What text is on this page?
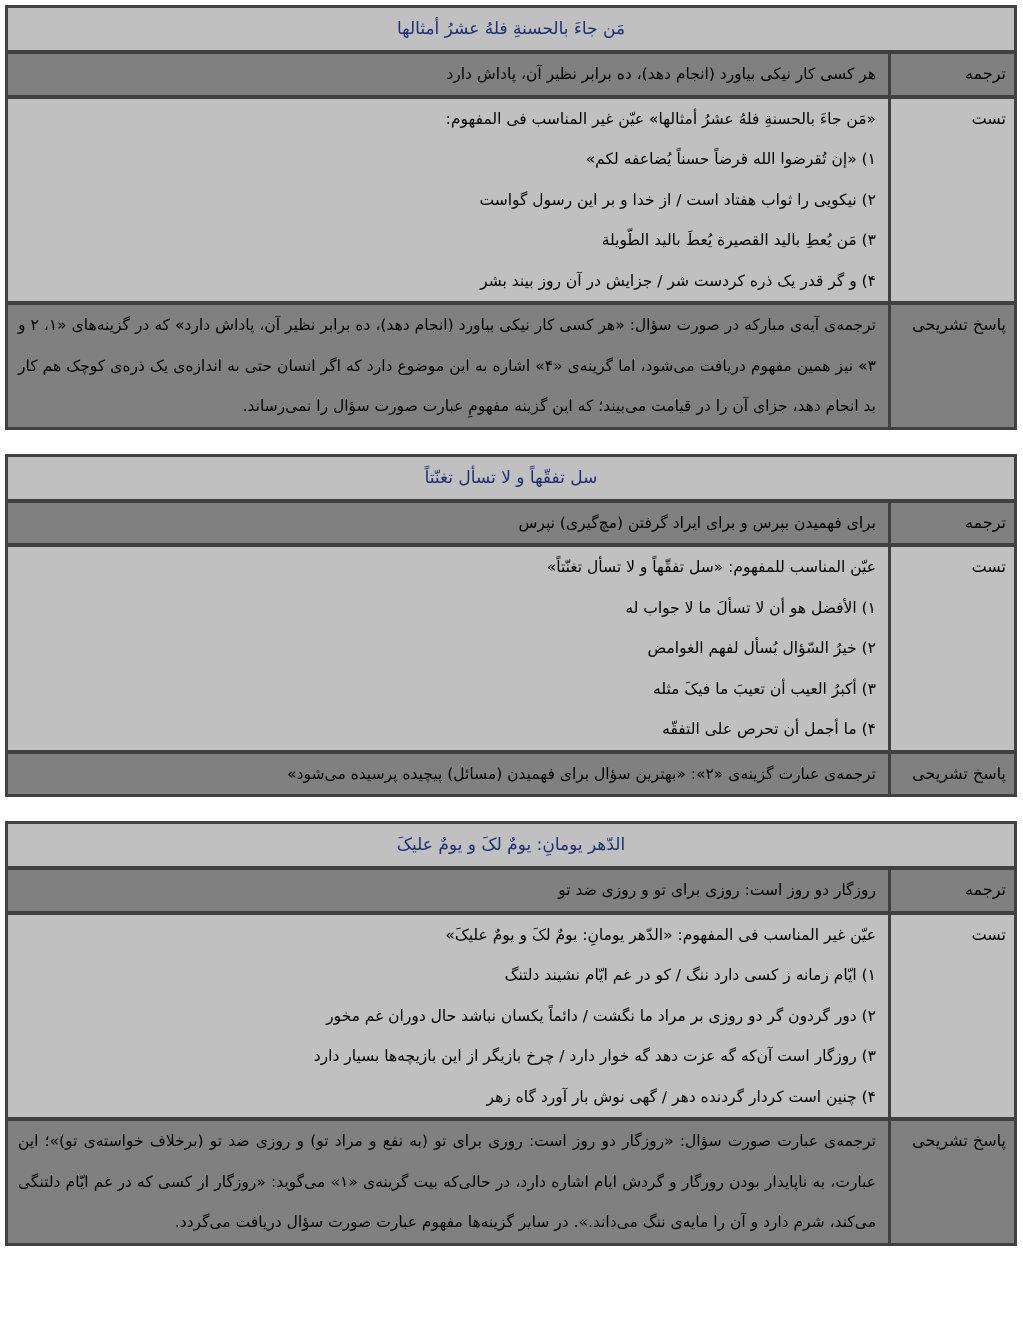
مَن جاءَ بالحسنةِ فلهُ عشرُ أمثالها
ترجمه
هر کسی کار نیکی بیاورد (انجام دهد)، ده برابر نظیر آن، پاداش دارد
تست
«مَن جاءَ بالحسنةِ فلهُ عشرُ أمثالها» عیّن غیر المناسب فی المفهوم:
۱) «إن تُقرضوا الله قرضاً حسناً یُضاعفه لکم»
۲) نیکویی را ثواب هفتاد است / از خدا و بر این رسول گواست
۳) مَن یُعطِ بالید القصیرة یُعطَ بالید الطّویلة
۴) و گر قدر یک ذره کردست شر / جزایش در آن روز بیند بشر
پاسخ تشریحی
ترجمه‌ی آیه‌ی مبارکه در صورت سؤال: «هر کسی کار نیکی بیاورد (انجام دهد)، ده برابر نظیر آن، پاداش دارد» که در گزینه‌های «۱، ۲ و ۳» نیز همین مفهوم دریافت می‌شود، اما گزینه‌ی «۴» اشاره به این موضوع دارد که اگر انسان حتی به اندازه‌ی یک ذره‌ی کوچک هم کار بد انجام دهد، جزای آن را در قیامت می‌بیند؛ که این گزینه مفهومِ عبارت صورت سؤال را نمی‌رساند.
سل تفقّهاً و لا تسأل تغنّتاً
ترجمه
برای فهمیدن بپرس و برای ایراد گرفتن (مچ‌گیری) نپرس
تست
عیّن المناسب للمفهوم: «سل تفقّهاً و لا تسأل تغنّتاً»
۱) الأفضل هو أن لا تسألَ ما لا جواب له
۲) خیرُ السّؤال یُسأل لفهم الغوامض
۳) أکبرُ العیب أن تعیبَ ما فیکَ مثله
۴) ما أجمل أن تحرص علی التفقّه
پاسخ تشریحی
ترجمه‌ی عبارت گزینه‌ی «۲»: «بهترین سؤال برای فهمیدن (مسائل) پیچیده پرسیده می‌شود»
الدّهر یومانِ: یومٌ لکَ و یومٌ علیکَ
ترجمه
روزگار دو روز است: روزی برای تو و روزی ضد تو
تست
عیّن غیر المناسب فی المفهوم: «الدّهر یومانِ: یومٌ لکَ و یومٌ علیکَ»
۱) ایّام زمانه ز کسی دارد ننگ / کو در غم ایّام نشیند دلتنگ
۲) دور گردون گر دو روزی بر مراد ما نگشت / دائماً یکسان نباشد حال دوران غم مخور
۳) روزگار است آن‌که گه عزت دهد گه خوار دارد / چرخ بازیگر از این بازیچه‌ها بسیار دارد
۴) چنین است کردار گردنده دهر / گهی نوش بار آورد گاه زهر
پاسخ تشریحی
ترجمه‌ی عبارت صورت سؤال: «روزگار دو روز است: روزی برای تو (به نفع و مراد تو) و روزی ضد تو (برخلاف خواسته‌ی تو)»؛ این عبارت، به ناپایدار بودن روزگار و گردش ایام اشاره دارد، در حالی‌که بیت گزینه‌ی «۱» می‌گوید: «روزگار از کسی که در غم ایّام دلتنگی می‌کند، شرم دارد و آن را مایه‌ی ننگ می‌داند.». در سایر گزینه‌ها مفهوم عبارت صورت سؤال دریافت می‌گردد.
